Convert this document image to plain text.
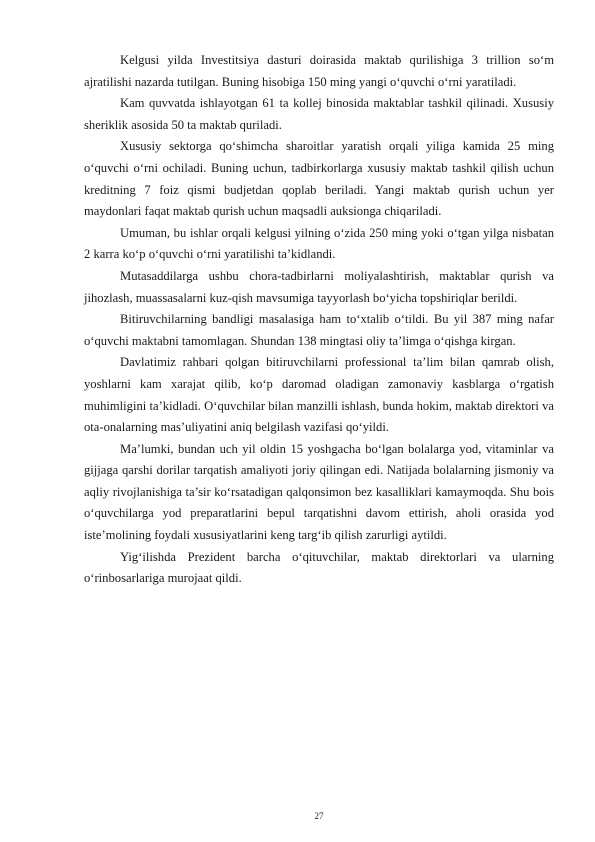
Kelgusi yilda Investitsiya dasturi doirasida maktab qurilishiga 3 trillion so‘m ajratilishi nazarda tutilgan. Buning hisobiga 150 ming yangi o‘quvchi o‘rni yaratiladi.

Kam quvvatda ishlayotgan 61 ta kollej binosida maktablar tashkil qilinadi. Xususiy sheriklik asosida 50 ta maktab quriladi.

Xususiy sektorga qo‘shimcha sharoitlar yaratish orqali yiliga kamida 25 ming o‘quvchi o‘rni ochiladi. Buning uchun, tadbirkorlarga xususiy maktab tashkil qilish uchun kreditning 7 foiz qismi budjetdan qoplab beriladi. Yangi maktab qurish uchun yer maydonlari faqat maktab qurish uchun maqsadli auksionga chiqariladi.

Umuman, bu ishlar orqali kelgusi yilning o‘zida 250 ming yoki o‘tgan yilga nisbatan 2 karra ko‘p o‘quvchi o‘rni yaratilishi ta’kidlandi.

Mutasaddilarga ushbu chora-tadbirlarni moliyalashtirish, maktablar qurish va jihozlash, muassasalarni kuz-qish mavsumiga tayyorlash bo‘yicha topshiriqlar berildi.

Bitiruvchilarning bandligi masalasiga ham to‘xtalib o‘tildi. Bu yil 387 ming nafar o‘quvchi maktabni tamomlagan. Shundan 138 mingtasi oliy ta’limga o‘qishga kirgan.

Davlatimiz rahbari qolgan bitiruvchilarni professional ta’lim bilan qamrab olish, yoshlarni kam xarajat qilib, ko‘p daromad oladigan zamonaviy kasblarga o‘rgatish muhimligini ta’kidladi. O‘quvchilar bilan manzilli ishlash, bunda hokim, maktab direktori va ota-onalarning mas’uliyatini aniq belgilash vazifasi qo‘yildi.

Ma’lumki, bundan uch yil oldin 15 yoshgacha bo‘lgan bolalarga yod, vitaminlar va gijjaga qarshi dorilar tarqatish amaliyoti joriy qilingan edi. Natijada bolalarning jismoniy va aqliy rivojlanishiga ta’sir ko‘rsatadigan qalqonsimon bez kasalliklari kamaymoqda. Shu bois o‘quvchilarga yod preparatlarini bepul tarqatishni davom ettirish, aholi orasida yod iste’molining foydali xususiyatlarini keng targ‘ib qilish zarurligi aytildi.

Yig‘ilishda Prezident barcha o‘qituvchilar, maktab direktorlari va ularning o‘rinbosarlariga murojaat qildi.

27
